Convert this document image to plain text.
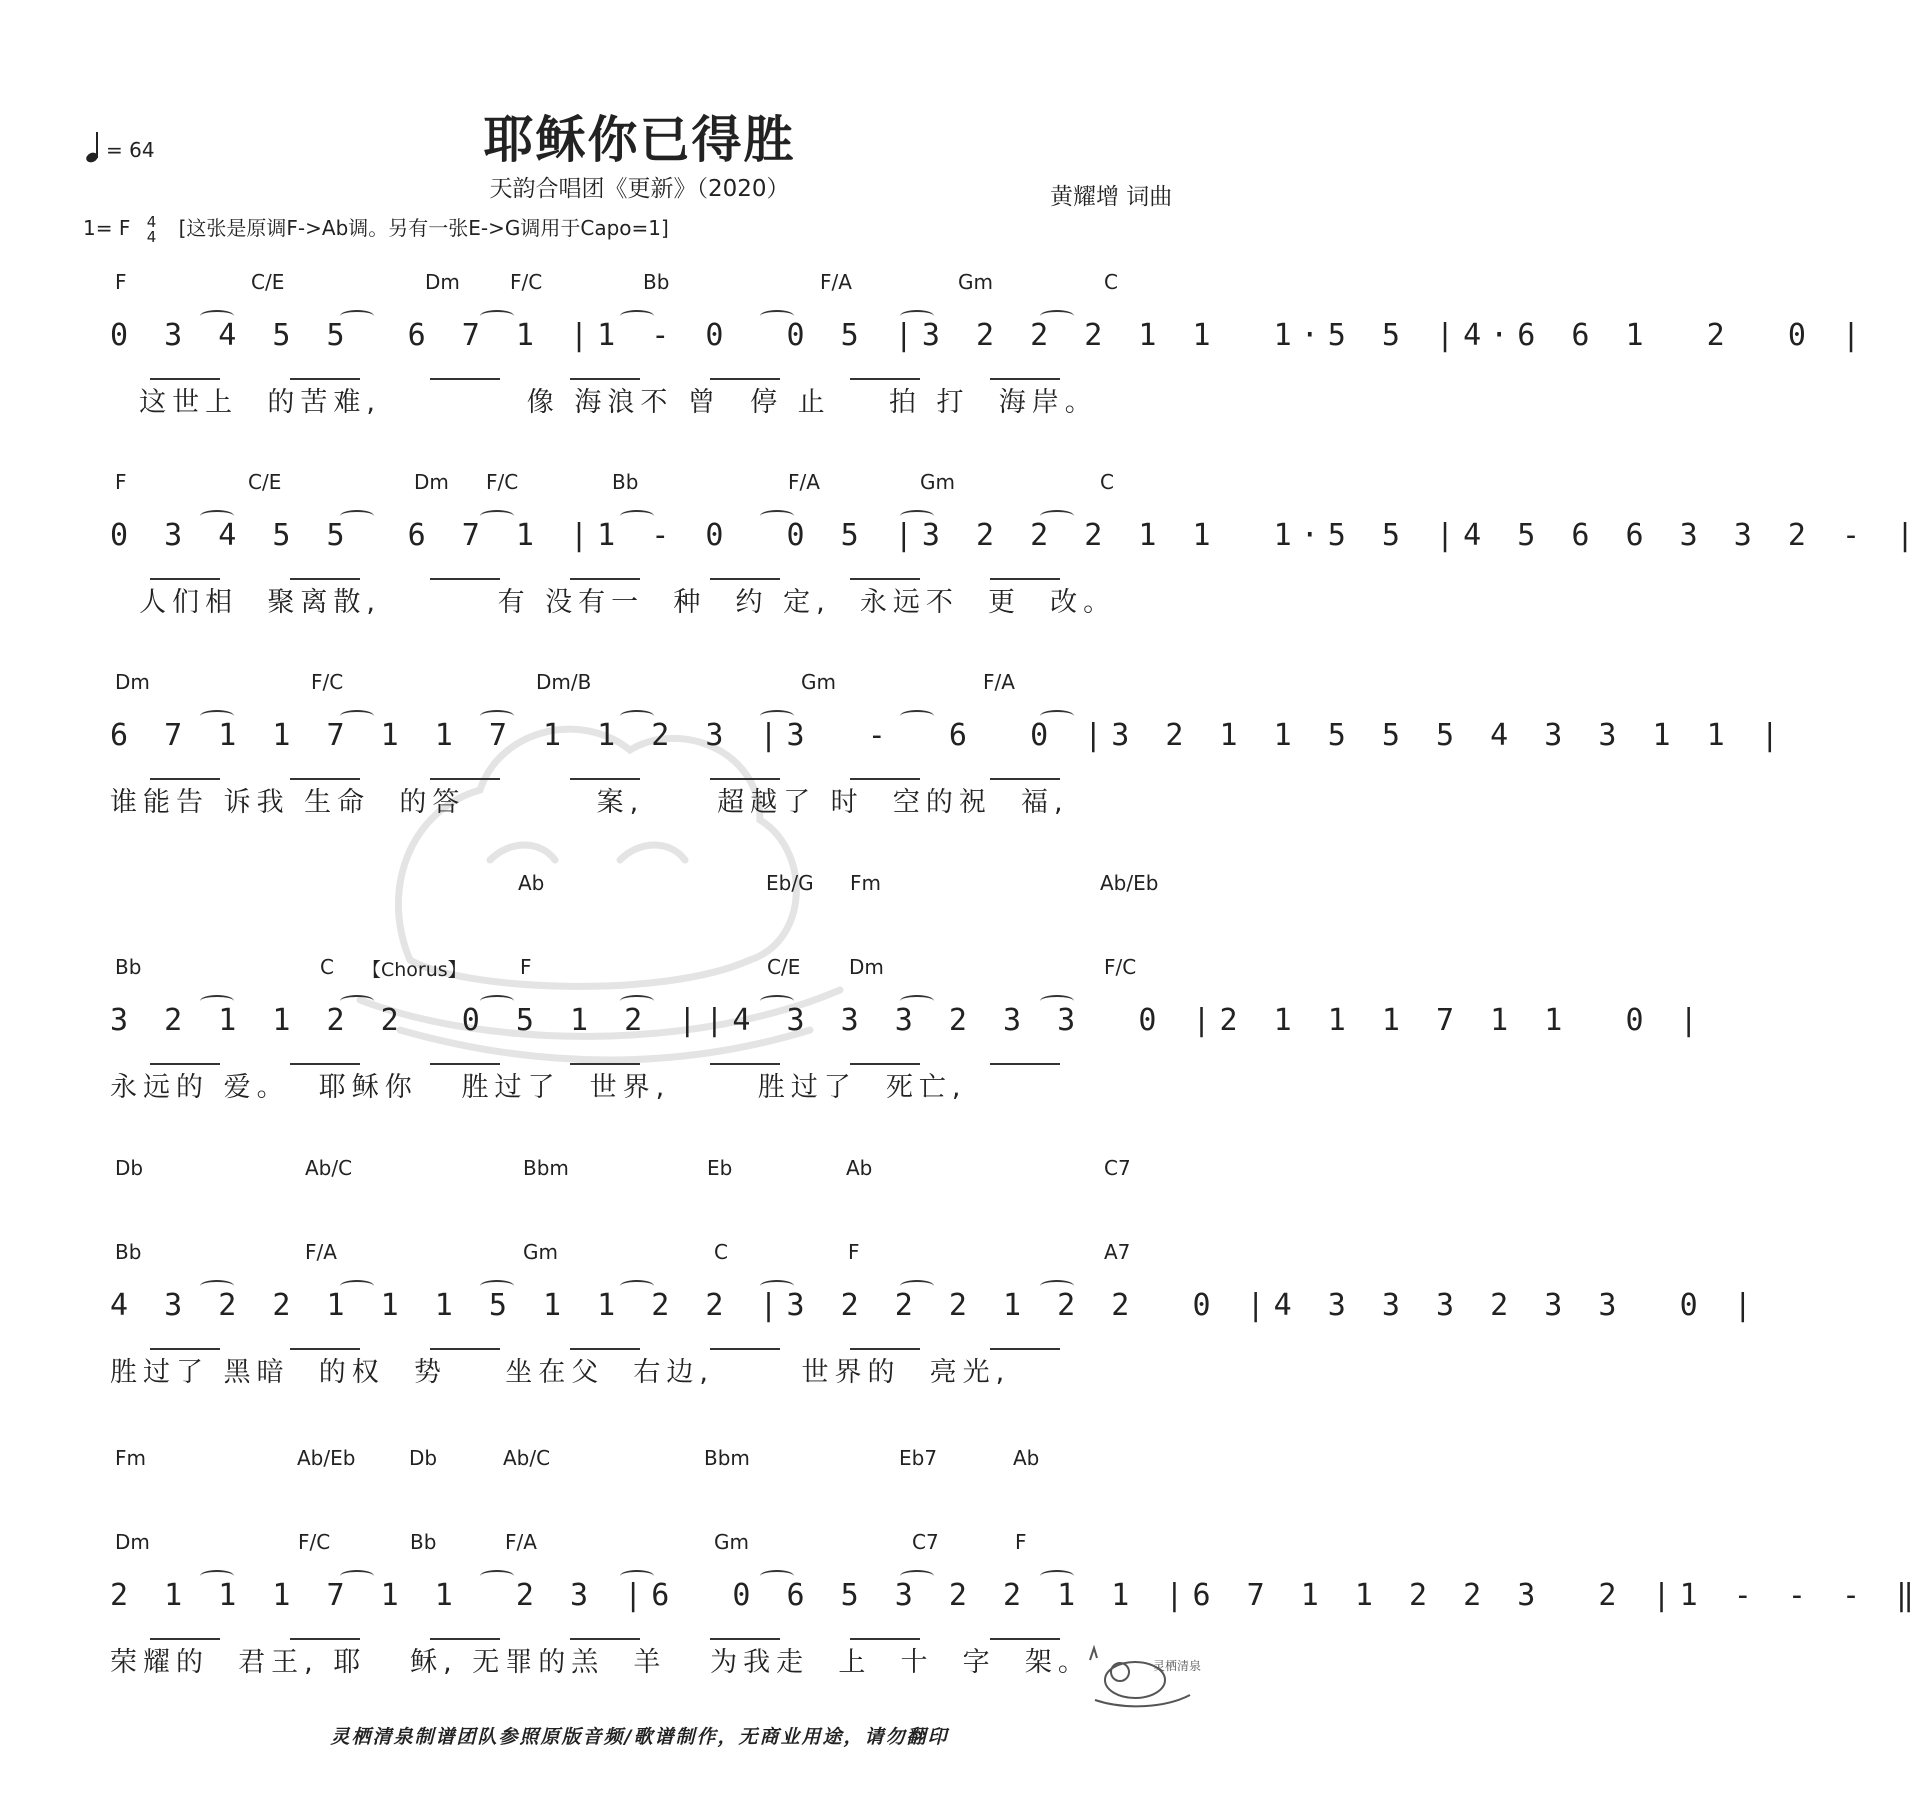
= 64	耶稣你已得胜
天韵合唱团《更新》（2020）	黄耀增 词曲
1= F 4
4 [这张是原调F->Ab调。另有一张E->G调用于Capo=1]
F	C/E	Dm	F/C	Bb	F/A	Gm	C
0 3 4 5 5  6 7 1 |1 - 0  0 5 |3 2 2 2 1 1  1·5 5 |4·6 6 1  2  0 |
这世上  的苦难,          像 海浪不 曾  停 止    拍 打  海岸。
F	C/E	Dm F/C	Bb	F/A	Gm	C
0 3 4 5 5  6 7 1 |1 - 0  0 5 |3 2 2 2 1 1  1·5 5 |4 5 6 6 3 3 2 - |
人们相  聚离散,        有 没有一  种  约 定,  永远不  更  改。
Dm	F/C	Dm/B	Gm	F/A
6 7 1 1 7 1 1 7 1 1 2 3 |3  -  6  0 |3 2 1 1 5 5 5 4 3 3 1 1 |
谁能告 诉我 生命  的答         案,     超越了 时  空的祝  福,
Ab	Eb/G Fm	Ab/Eb
Bb	C 【Chorus】	F	C/E Dm	F/C
3 2 1 1 2 2  0 5 1 2 ||4 3 3 3 2 3 3  0 |2 1 1 1 7 1 1  0 |
永远的 爱。  耶稣你   胜过了  世界,      胜过了  死亡,
Db	Ab/C	Bbm	Eb	Ab	C7
Bb	F/A	Gm	C	F	A7
4 3 2 2 1 1 1 5 1 1 2 2 |3 2 2 2 1 2 2  0 |4 3 3 3 2 3 3  0 |
胜过了 黑暗  的权  势    坐在父  右边,      世界的  亮光,
Fm	Ab/Eb	Db	Ab/C	Bbm	Eb7	Ab
Dm	F/C	Bb	F/A	Gm	C7	F
2 1 1 1 7 1 1  2 3 |6  0 6 5 3 2 2 1 1 |6 7 1 1 2 2 3  2 |1 - - - ‖
荣耀的  君王, 耶   稣, 无罪的羔  羊   为我走  上  十  字  架。
灵栖清泉制谱团队参照原版音频/歌谱制作，无商业用途，请勿翻印
灵栖清泉
